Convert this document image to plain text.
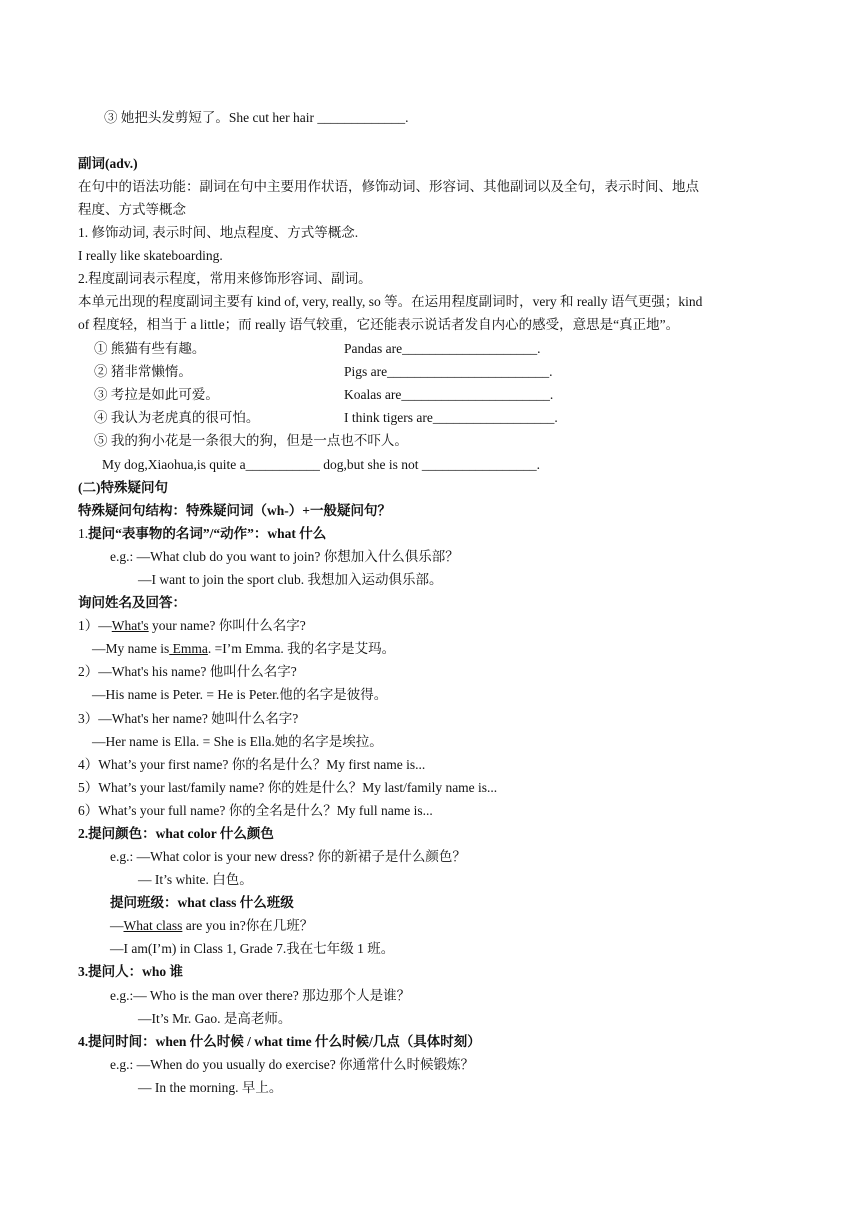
③ 她把头发剪短了。She cut her hair _____________.
副词(adv.)
在句中的语法功能：副词在句中主要用作状语，修饰动词、形容词、其他副词以及全句，表示时间、地点
程度、方式等概念
1. 修饰动词, 表示时间、地点程度、方式等概念.
I really like skateboarding.
2.程度副词表示程度，常用来修饰形容词、副词。
本单元出现的程度副词主要有 kind of, very, really, so 等。在运用程度副词时，very 和 really 语气更强；kind
of 程度轻，相当于 a little；而 really 语气较重，它还能表示说话者发自内心的感受，意思是“真正地”。
① 熊猫有些有趣。	Pandas are____________________.
② 猪非常懒惰。	Pigs are________________________.
③ 考拉是如此可爱。	Koalas are______________________.
④ 我认为老虎真的很可怕。	I think tigers are__________________.
⑤ 我的狗小花是一条很大的狗，但是一点也不吓人。
My dog,Xiaohua,is quite a___________ dog,but she is not _________________.
(二)特殊疑问句
特殊疑问句结构：特殊疑问词（wh-）+一般疑问句？
1.提问“表事物的名词”/“动作”：what 什么
e.g.: —What club do you want to join? 你想加入什么俱乐部？
—I want to join the sport club. 我想加入运动俱乐部。
询问姓名及回答：
1）—What's your name? 你叫什么名字?
—My name is Emma. =I’m Emma. 我的名字是艾玛。
2）—What's his name? 他叫什么名字?
—His name is Peter. = He is Peter.他的名字是彼得。
3）—What's her name? 她叫什么名字?
—Her name is Ella. = She is Ella.她的名字是埃拉。
4）What’s your first name? 你的名是什么？My first name is...
5）What’s your last/family name? 你的姓是什么？My last/family name is...
6）What’s your full name? 你的全名是什么？My full name is...
2.提问颜色：what color 什么颜色
e.g.: —What color is your new dress? 你的新裙子是什么颜色？
— It’s white. 白色。
提问班级：what class 什么班级
—What class are you in?你在几班？
—I am(I’m) in Class 1, Grade 7.我在七年级 1 班。
3.提问人：who 谁
e.g.:— Who is the man over there? 那边那个人是谁？
—It’s Mr. Gao. 是高老师。
4.提问时间：when 什么时候 / what time 什么时候/几点（具体时刻）
e.g.: —When do you usually do exercise? 你通常什么时候锻炼？
— In the morning. 早上。
